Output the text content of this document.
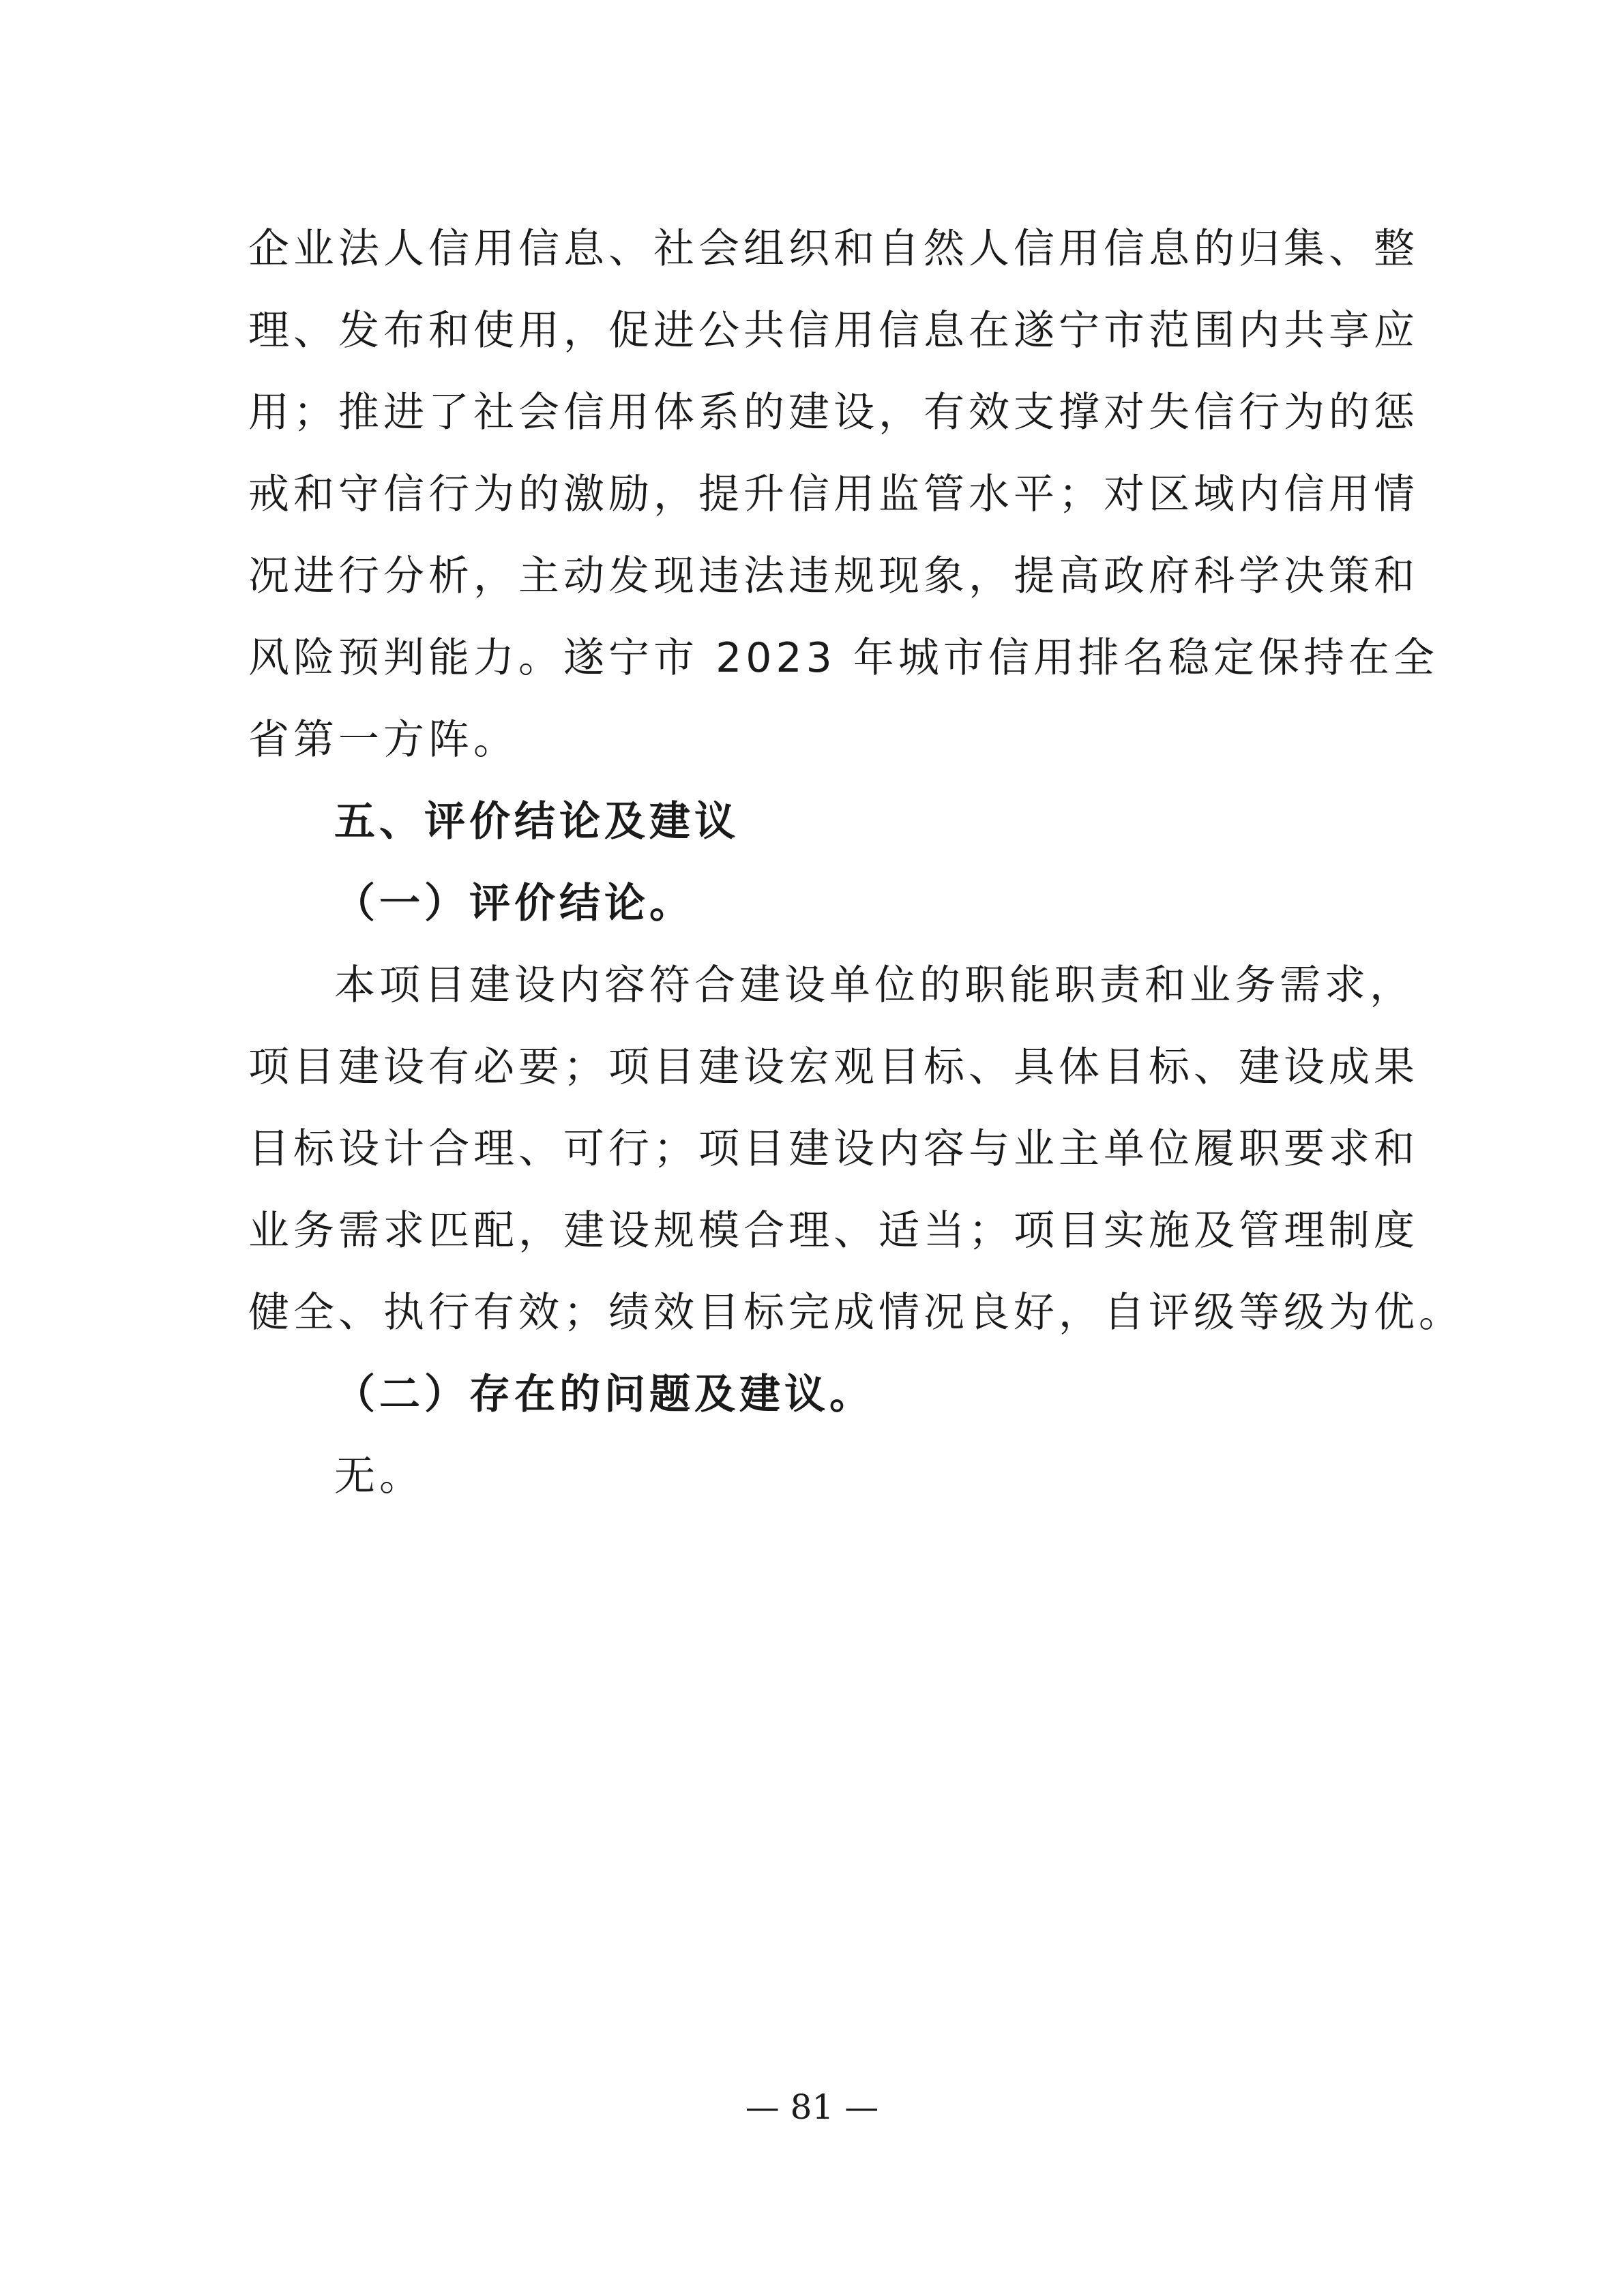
企业法人信用信息、社会组织和自然人信用信息的归集、整
理、发布和使用，促进公共信用信息在遂宁市范围内共享应
用；推进了社会信用体系的建设，有效支撑对失信行为的惩
戒和守信行为的激励，提升信用监管水平；对区域内信用情
况进行分析，主动发现违法违规现象，提高政府科学决策和
风险预判能力。遂宁市 2023 年城市信用排名稳定保持在全
省第一方阵。
五、评价结论及建议
（一）评价结论。
本项目建设内容符合建设单位的职能职责和业务需求，
项目建设有必要；项目建设宏观目标、具体目标、建设成果
目标设计合理、可行；项目建设内容与业主单位履职要求和
业务需求匹配，建设规模合理、适当；项目实施及管理制度
健全、执行有效；绩效目标完成情况良好，自评级等级为优。
（二）存在的问题及建议。
无。
— 81 —
